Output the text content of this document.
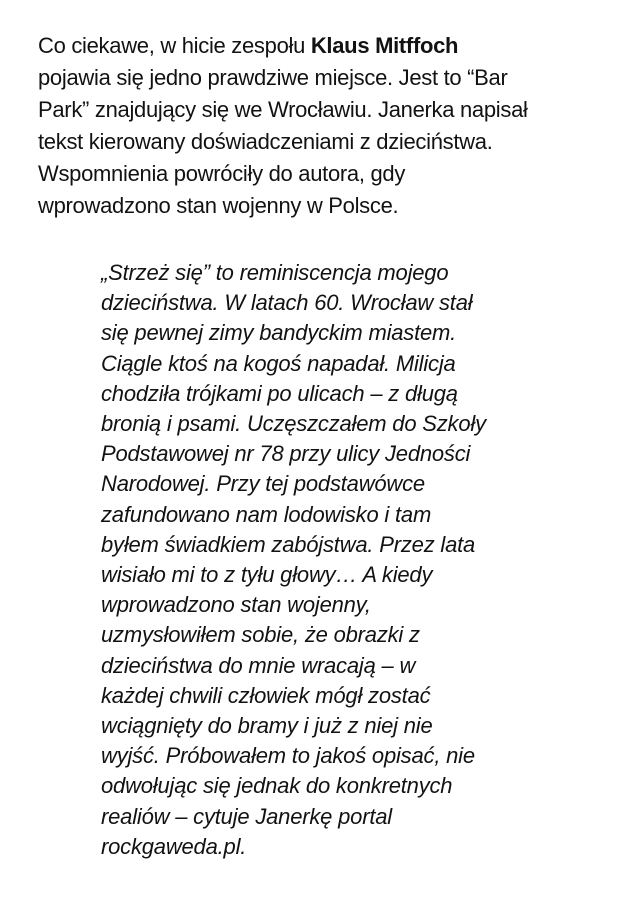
Co ciekawe, w hicie zespołu Klaus Mitffoch
pojawia się jedno prawdziwe miejsce. Jest to “Bar
Park” znajdujący się we Wrocławiu. Janerka napisał
tekst kierowany doświadczeniami z dzieciństwa.
Wspomnienia powróciły do autora, gdy
wprowadzono stan wojenny w Polsce.

„Strzeż się” to reminiscencja mojego
dzieciństwa. W latach 60. Wrocław stał
się pewnej zimy bandyckim miastem.
Ciągle ktoś na kogoś napadał. Milicja
chodziła trójkami po ulicach – z długą
bronią i psami. Uczęszczałem do Szkoły
Podstawowej nr 78 przy ulicy Jedności
Narodowej. Przy tej podstawówce
zafundowano nam lodowisko i tam
byłem świadkiem zabójstwa. Przez lata
wisiało mi to z tyłu głowy… A kiedy
wprowadzono stan wojenny,
uzmysłowiłem sobie, że obrazki z
dzieciństwa do mnie wracają – w
każdej chwili człowiek mógł zostać
wciągnięty do bramy i już z niej nie
wyjść. Próbowałem to jakoś opisać, nie
odwołując się jednak do konkretnych
realiów – cytuje Janerkę portal
rockgaweda.pl.
